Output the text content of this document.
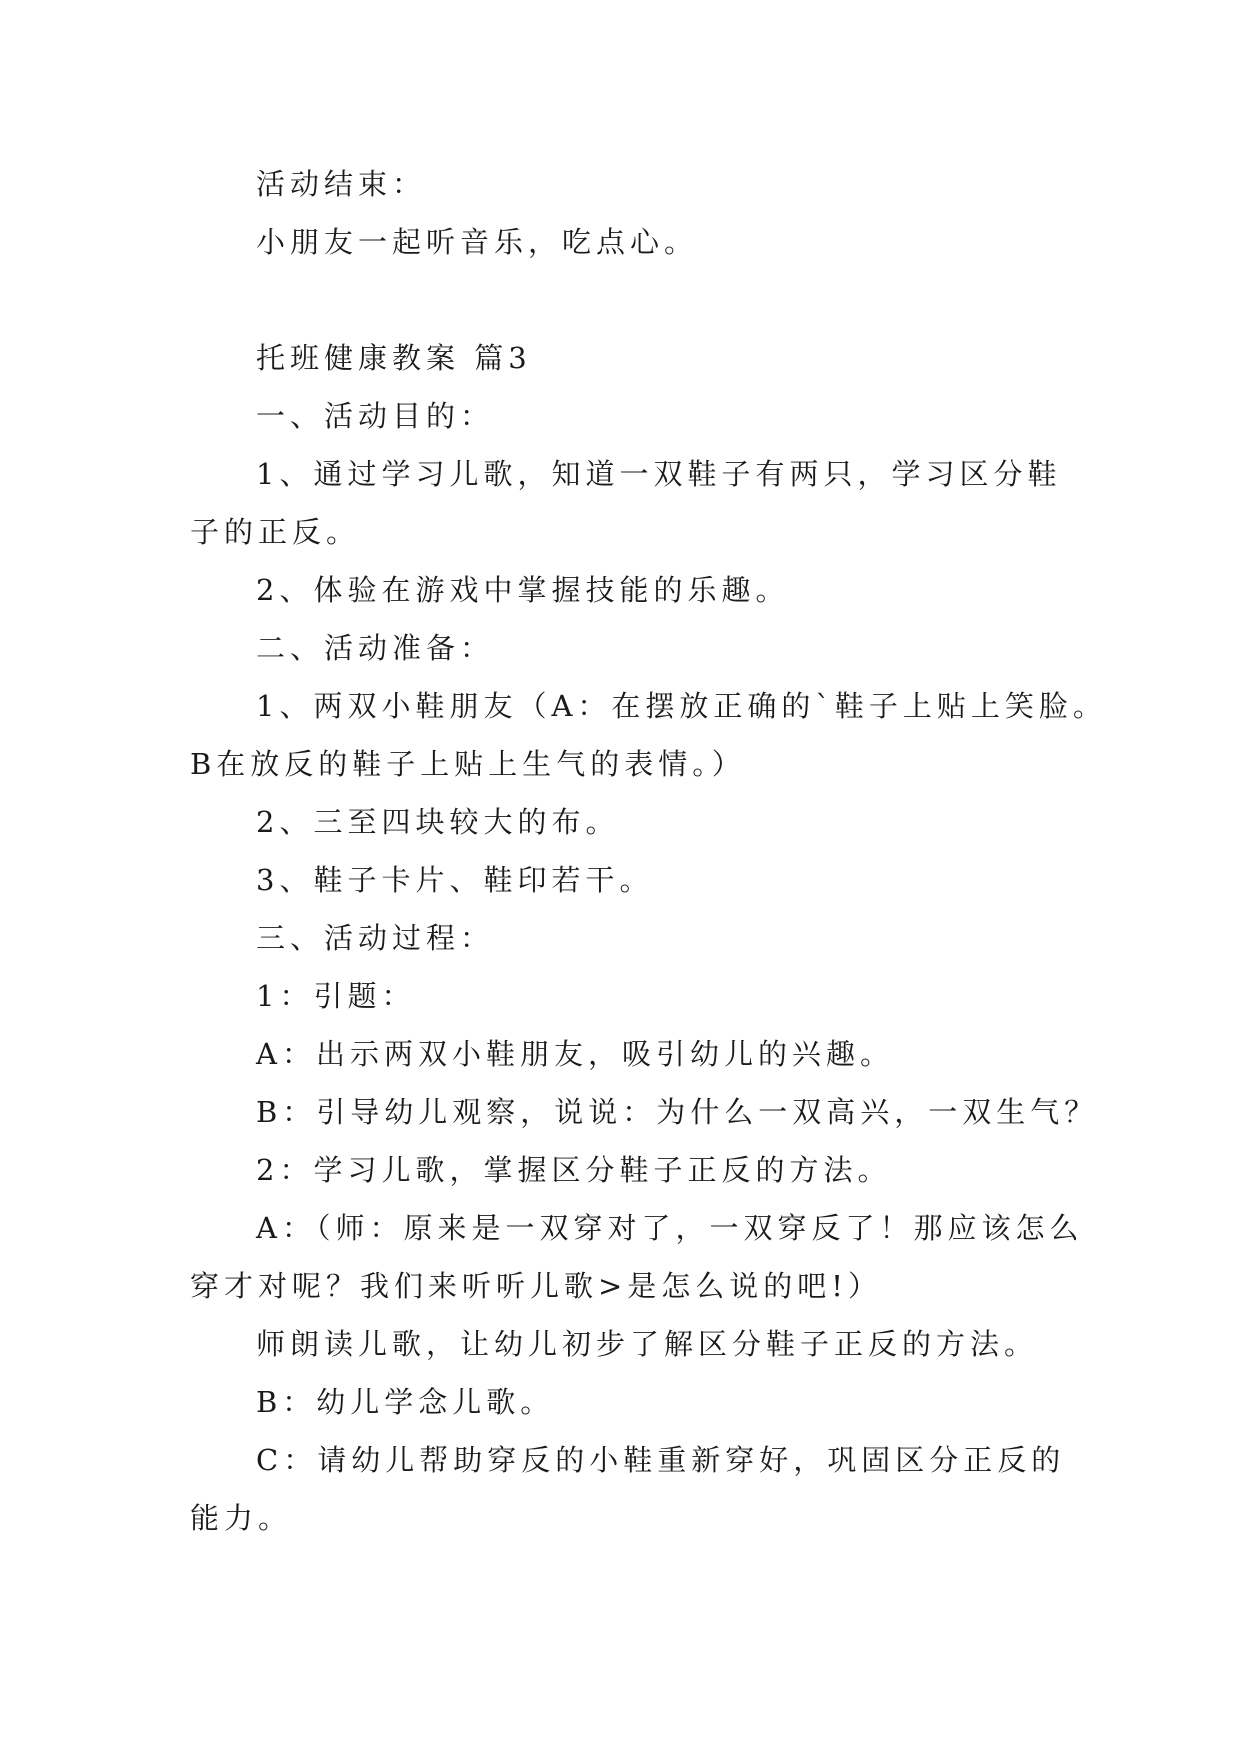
活动结束：

小朋友一起听音乐，吃点心。

托班健康教案 篇3

一、活动目的：

1、通过学习儿歌，知道一双鞋子有两只，学习区分鞋

子的正反。

2、体验在游戏中掌握技能的乐趣。

二、活动准备：

1、两双小鞋朋友（A：在摆放正确的`鞋子上贴上笑脸。

B在放反的鞋子上贴上生气的表情。）

2、三至四块较大的布。

3、鞋子卡片、鞋印若干。

三、活动过程：

1：引题：

A：出示两双小鞋朋友，吸引幼儿的兴趣。

B：引导幼儿观察，说说：为什么一双高兴，一双生气？

2：学习儿歌，掌握区分鞋子正反的方法。

A：（师：原来是一双穿对了，一双穿反了！那应该怎么

穿才对呢？我们来听听儿歌>是怎么说的吧!）

师朗读儿歌，让幼儿初步了解区分鞋子正反的方法。

B：幼儿学念儿歌。

C：请幼儿帮助穿反的小鞋重新穿好，巩固区分正反的

能力。
